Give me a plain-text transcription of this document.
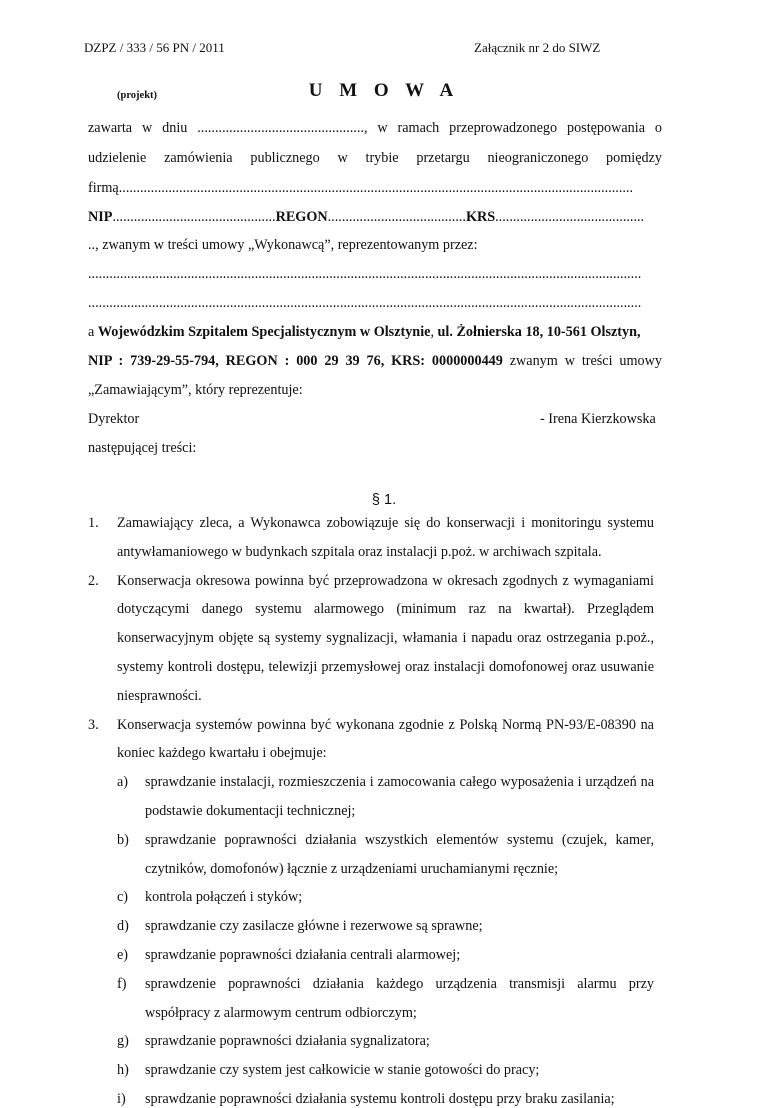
DZPZ / 333 / 56 PN / 2011	Załącznik nr 2 do SIWZ
(projekt)	U M O W A
zawarta w dniu ..............................................., w ramach przeprowadzonego postępowania o
udzielenie zamówienia publicznego w trybie przetargu nieograniczonego pomiędzy
firmą.................................................................................................................................................
NIP..............................................REGON.......................................KRS..........................................
.., zwanym w treści umowy „Wykonawcą”, reprezentowanym przez:
............................................................................................................................................................
............................................................................................................................................................
a Wojewódzkim Szpitalem Specjalistycznym w Olsztynie, ul. Żołnierska 18, 10-561 Olsztyn,
NIP : 739-29-55-794, REGON : 000 29 39 76, KRS: 0000000449 zwanym w treści umowy
„Zamawiającym”, który reprezentuje:
Dyrektor	- Irena Kierzkowska
następującej treści:
§ 1.
1. Zamawiający zleca, a Wykonawca zobowiązuje się do konserwacji i monitoringu systemu
antywłamaniowego w budynkach szpitala oraz instalacji p.poż. w archiwach szpitala.
2. Konserwacja okresowa powinna być przeprowadzona w okresach zgodnych z wymaganiami
dotyczącymi danego systemu alarmowego (minimum raz na kwartał). Przeglądem
konserwacyjnym objęte są systemy sygnalizacji, włamania i napadu oraz ostrzegania p.poż.,
systemy kontroli dostępu, telewizji przemysłowej oraz instalacji domofonowej oraz usuwanie
niesprawności.
3. Konserwacja systemów powinna być wykonana zgodnie z Polską Normą PN-93/E-08390 na
koniec każdego kwartału i obejmuje:
a) sprawdzanie instalacji, rozmieszczenia i zamocowania całego wyposażenia i urządzeń na
podstawie dokumentacji technicznej;
b) sprawdzanie poprawności działania wszystkich elementów systemu (czujek, kamer,
czytników, domofonów) łącznie z urządzeniami uruchamianymi ręcznie;
c) kontrola połączeń i styków;
d) sprawdzanie czy zasilacze główne i rezerwowe są sprawne;
e) sprawdzanie poprawności działania centrali alarmowej;
f) sprawdzenie poprawności działania każdego urządzenia transmisji alarmu przy
współpracy z alarmowym centrum odbiorczym;
g) sprawdzanie poprawności działania sygnalizatora;
h) sprawdzanie czy system jest całkowicie w stanie gotowości do pracy;
i) sprawdzanie poprawności działania systemu kontroli dostępu przy braku zasilania;
